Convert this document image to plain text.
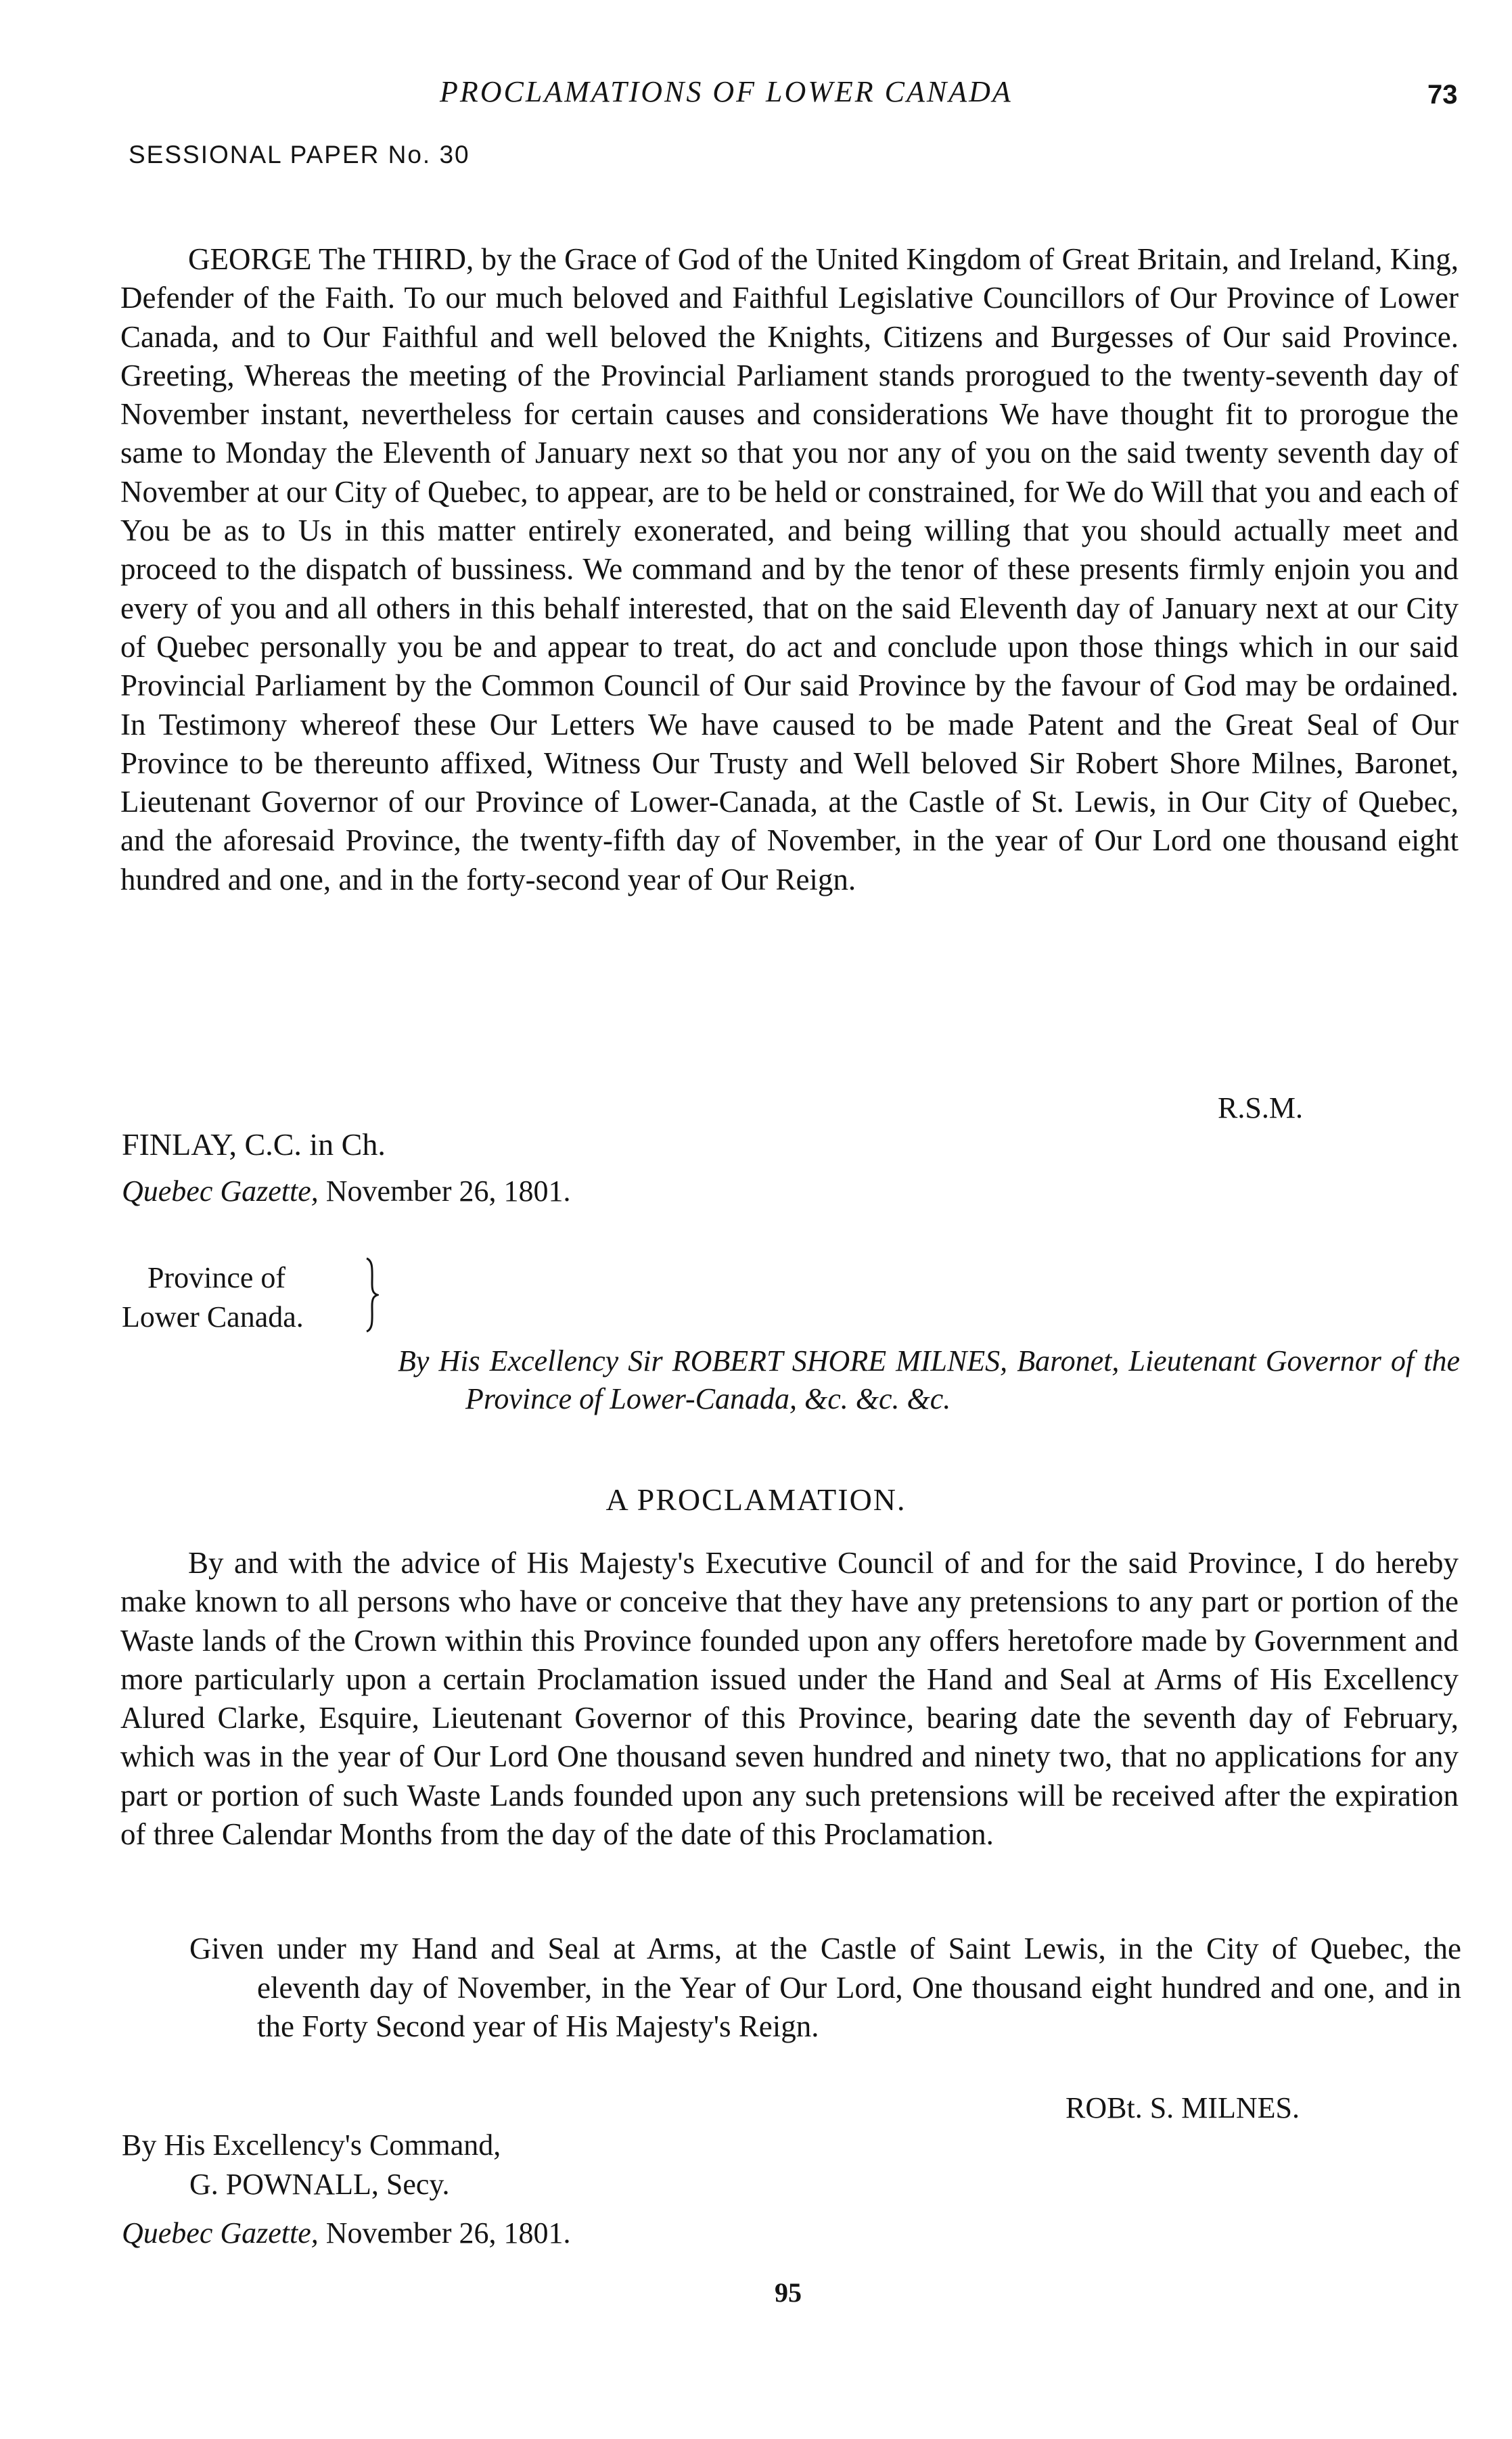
PROCLAMATIONS OF LOWER CANADA	73
SESSIONAL PAPER No. 30

GEORGE The THIRD, by the Grace of God of the United Kingdom of Great Britain, and Ireland, King, Defender of the Faith. To our much beloved and Faithful Legislative Councillors of Our Province of Lower Canada, and to Our Faithful and well beloved the Knights, Citizens and Burgesses of Our said Province. Greeting, Whereas the meeting of the Provincial Parliament stands prorogued to the twenty-seventh day of November instant, nevertheless for certain causes and considerations We have thought fit to prorogue the same to Monday the Eleventh of January next so that you nor any of you on the said twenty seventh day of November at our City of Quebec, to appear, are to be held or constrained, for We do Will that you and each of You be as to Us in this matter entirely exonerated, and being willing that you should actually meet and proceed to the dispatch of bussiness. We command and by the tenor of these presents firmly enjoin you and every of you and all others in this behalf interested, that on the said Eleventh day of January next at our City of Quebec personally you be and appear to treat, do act and conclude upon those things which in our said Provincial Parliament by the Common Council of Our said Province by the favour of God may be ordained. In Testimony whereof these Our Letters We have caused to be made Patent and the Great Seal of Our Province to be thereunto affixed, Witness Our Trusty and Well beloved Sir Robert Shore Milnes, Baronet, Lieutenant Governor of our Province of Lower-Canada, at the Castle of St. Lewis, in Our City of Quebec, and the aforesaid Province, the twenty-fifth day of November, in the year of Our Lord one thousand eight hundred and one, and in the forty-second year of Our Reign.

R.S.M.
FINLAY, C.C. in Ch.
Quebec Gazette, November 26, 1801.
Province of
Lower Canada.
By His Excellency Sir ROBERT SHORE MILNES, Baronet, Lieutenant Governor of the Province of Lower-Canada, &c. &c. &c.
A PROCLAMATION.

By and with the advice of His Majesty's Executive Council of and for the said Province, I do hereby make known to all persons who have or conceive that they have any pretensions to any part or portion of the Waste lands of the Crown within this Province founded upon any offers heretofore made by Government and more particularly upon a certain Proclamation issued under the Hand and Seal at Arms of His Excellency Alured Clarke, Esquire, Lieutenant Governor of this Province, bearing date the seventh day of February, which was in the year of Our Lord One thousand seven hundred and ninety two, that no applications for any part or portion of such Waste Lands founded upon any such pretensions will be received after the expiration of three Calendar Months from the day of the date of this Proclamation.

Given under my Hand and Seal at Arms, at the Castle of Saint Lewis, in the City of Quebec, the eleventh day of November, in the Year of Our Lord, One thousand eight hundred and one, and in the Forty Second year of His Majesty's Reign.
ROBt. S. MILNES.
By His Excellency's Command,
G. POWNALL, Secy.
Quebec Gazette, November 26, 1801.
95
